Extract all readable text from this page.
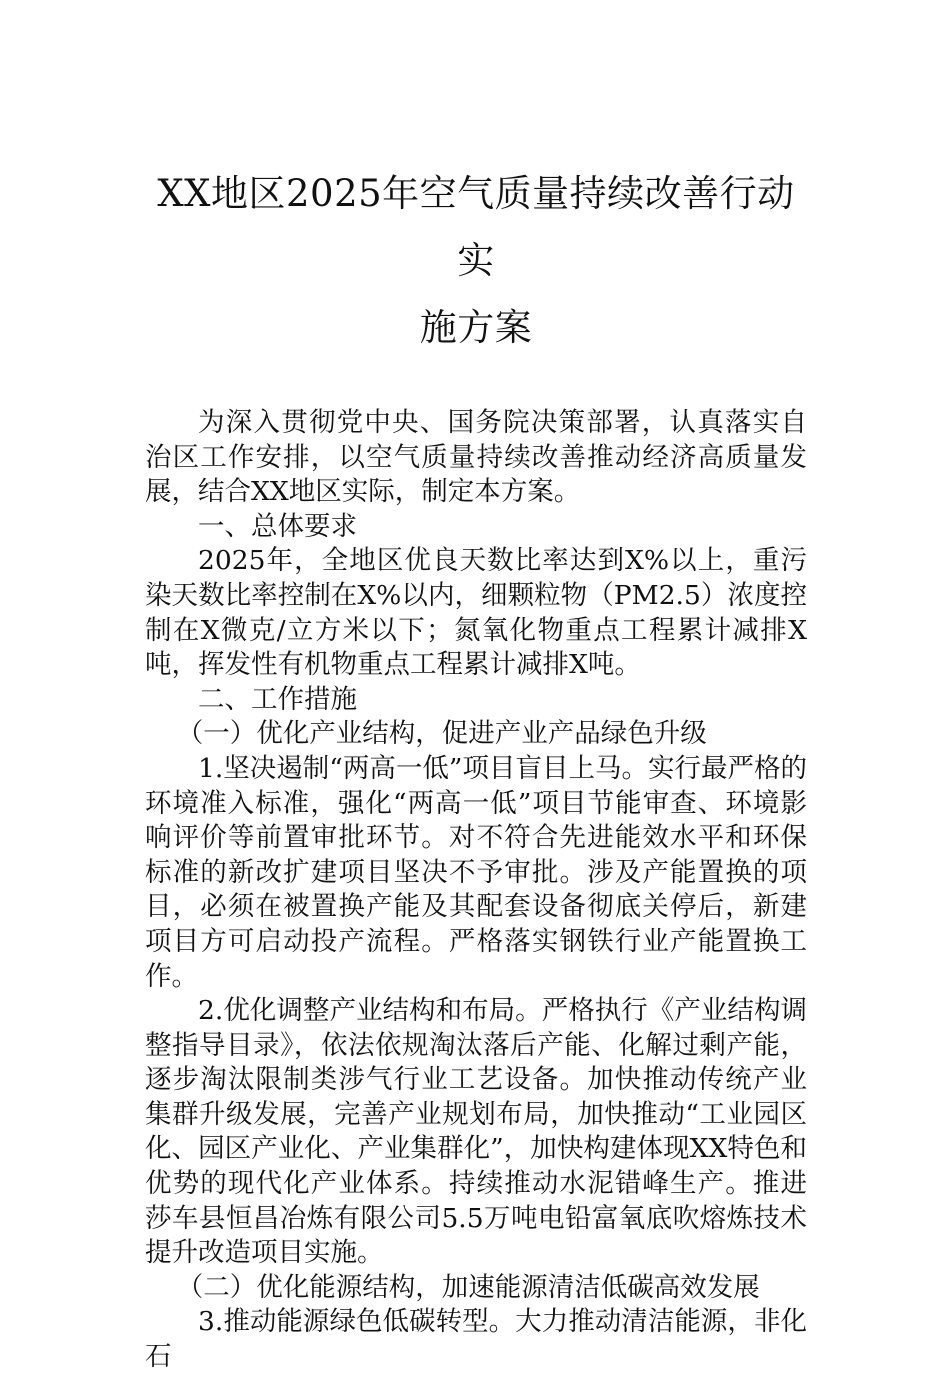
XX地区2025年空气质量持续改善行动实
施方案

为深入贯彻党中央、国务院决策部署，认真落实自治区工作安排，以空气质量持续改善推动经济高质量发展，结合XX地区实际，制定本方案。

一、总体要求

2025年，全地区优良天数比率达到X%以上，重污染天数比率控制在X%以内，细颗粒物（PM2.5）浓度控制在X微克/立方米以下；氮氧化物重点工程累计减排X吨，挥发性有机物重点工程累计减排X吨。

二、工作措施

（一）优化产业结构，促进产业产品绿色升级

1.坚决遏制“两高一低”项目盲目上马。实行最严格的环境准入标准，强化“两高一低”项目节能审查、环境影响评价等前置审批环节。对不符合先进能效水平和环保标准的新改扩建项目坚决不予审批。涉及产能置换的项目，必须在被置换产能及其配套设备彻底关停后，新建项目方可启动投产流程。严格落实钢铁行业产能置换工作。

2.优化调整产业结构和布局。严格执行《产业结构调整指导目录》，依法依规淘汰落后产能、化解过剩产能，逐步淘汰限制类涉气行业工艺设备。加快推动传统产业集群升级发展，完善产业规划布局，加快推动“工业园区化、园区产业化、产业集群化”，加快构建体现XX特色和优势的现代化产业体系。持续推动水泥错峰生产。推进莎车县恒昌冶炼有限公司5.5万吨电铅富氧底吹熔炼技术提升改造项目实施。

（二）优化能源结构，加速能源清洁低碳高效发展

3.推动能源绿色低碳转型。大力推动清洁能源，非化石
